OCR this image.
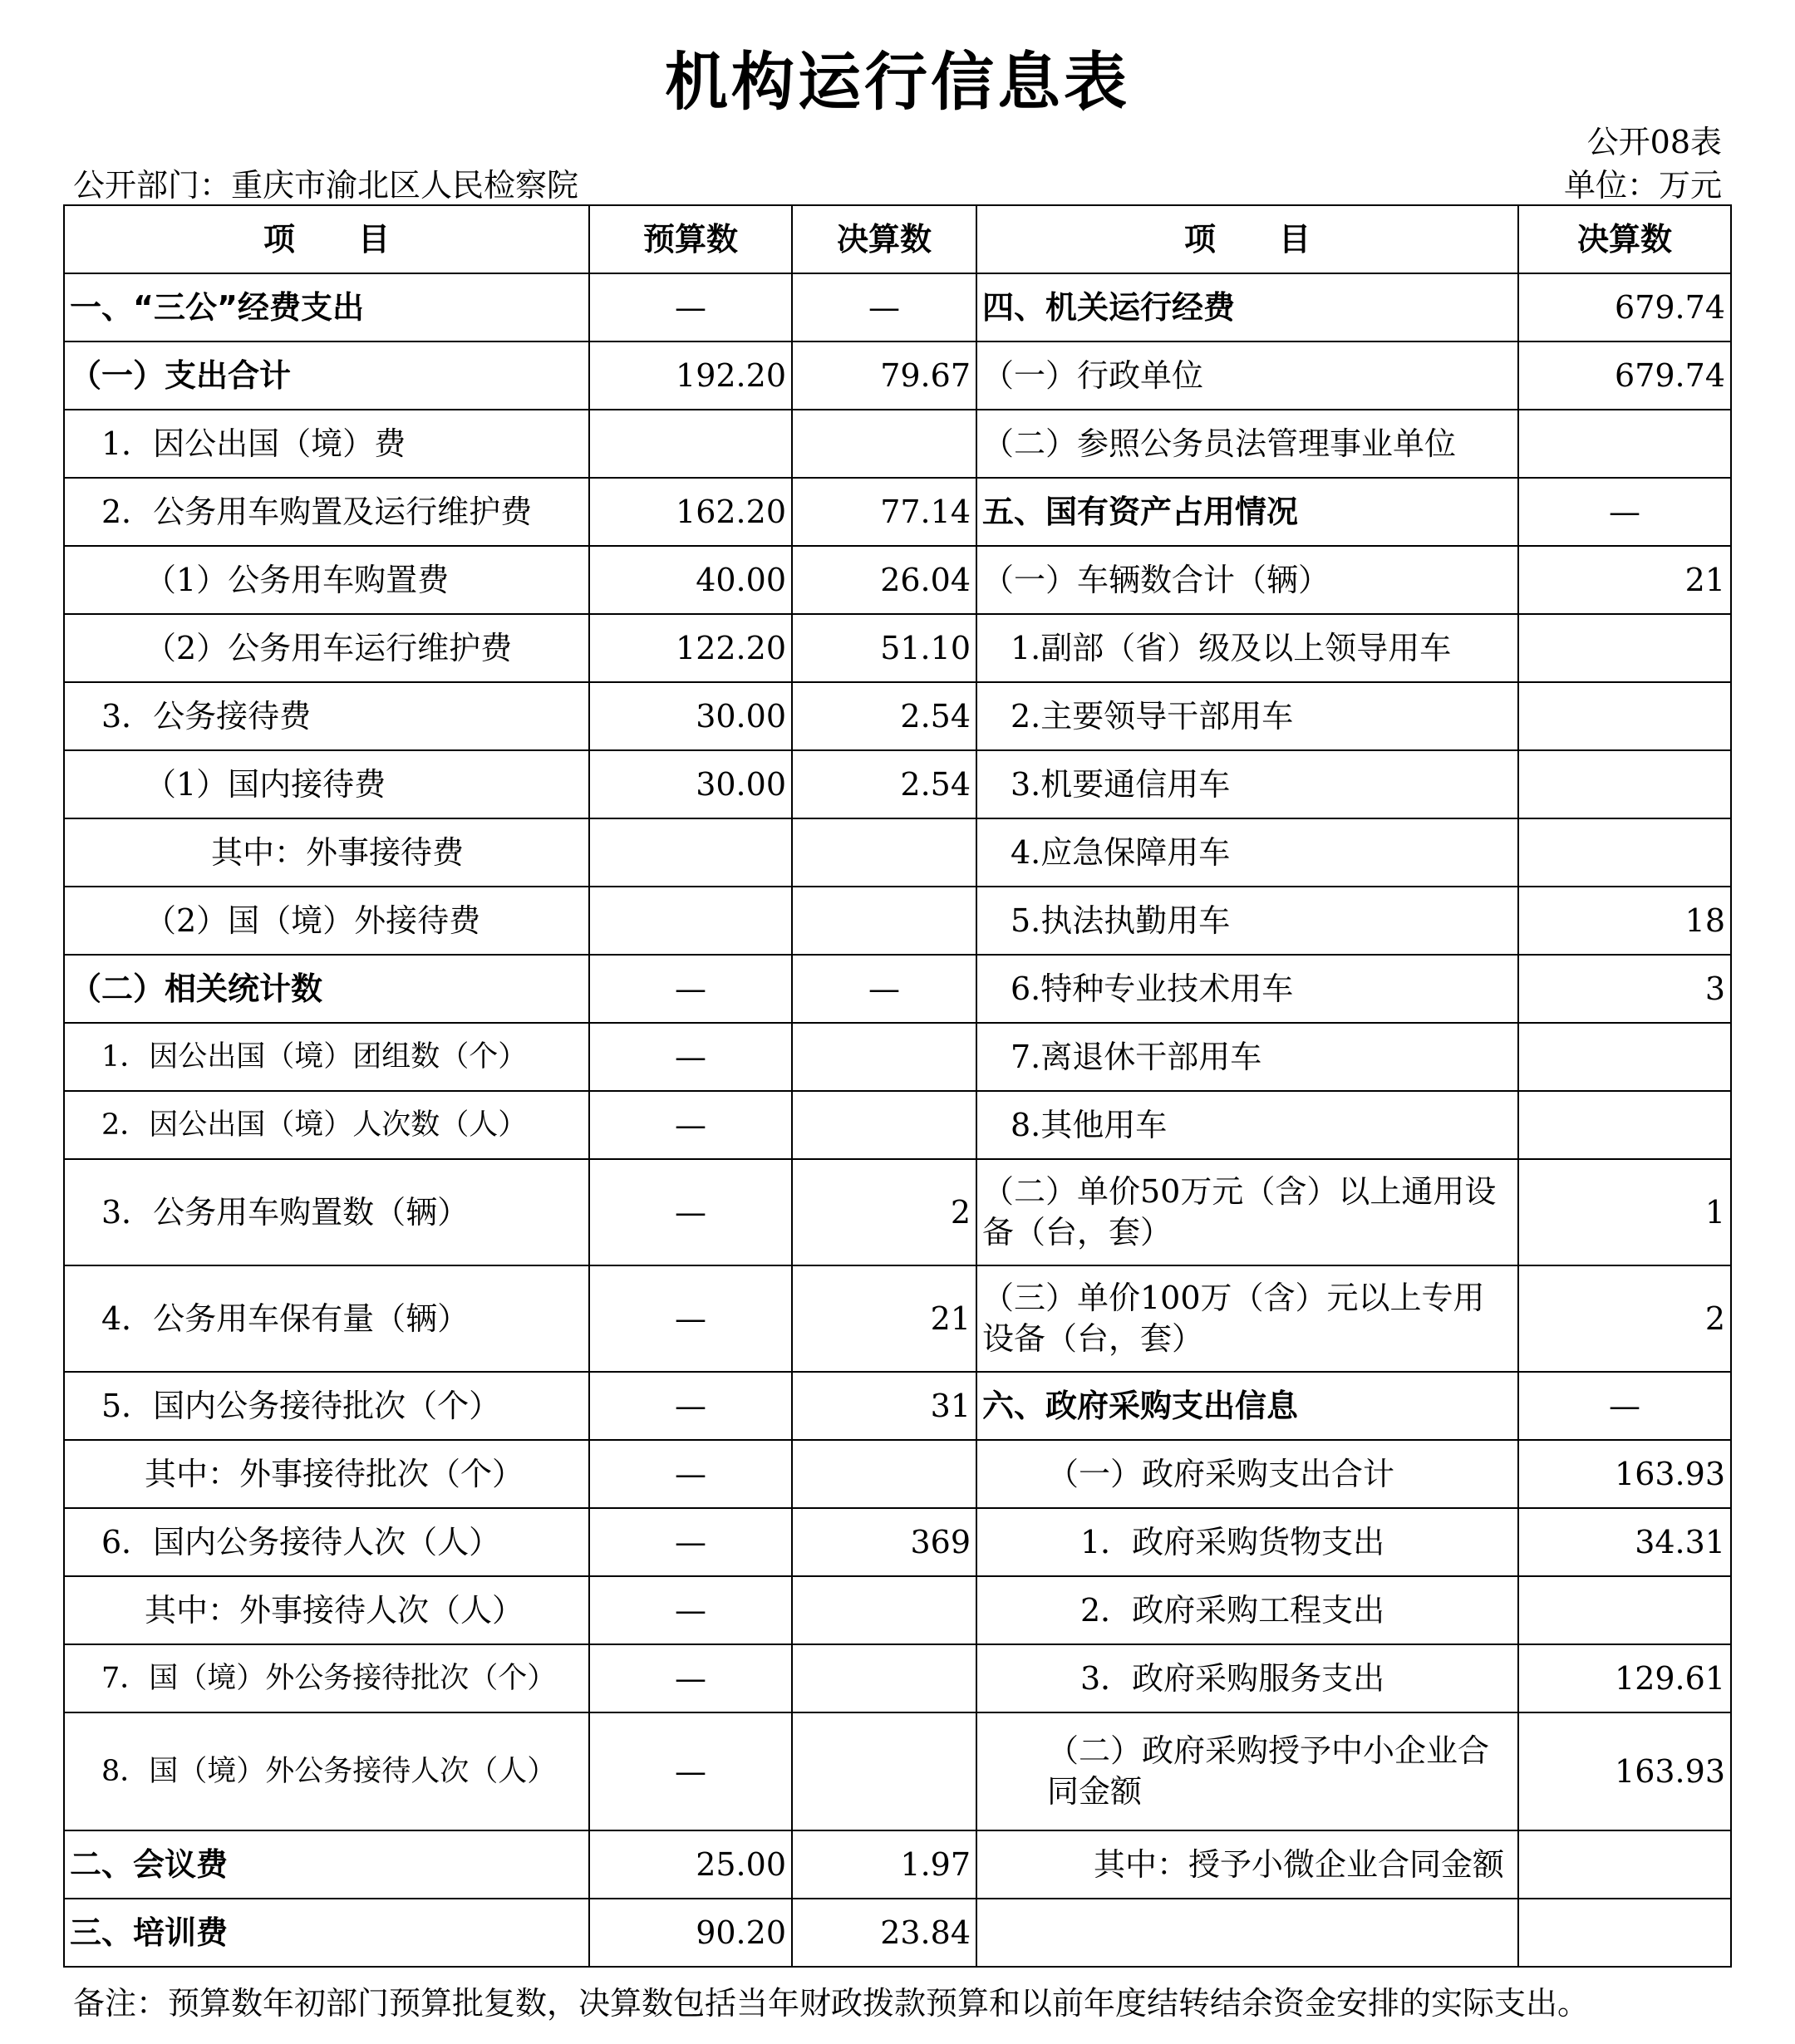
机构运行信息表
公开08表
公开部门：重庆市渝北区人民检察院	单位：万元
项　　目	预算数	决算数	项　　目	决算数
一、“三公”经费支出	—	—	四、机关运行经费	679.74
（一）支出合计	192.20	79.67	（一）行政单位	679.74
1．因公出国（境）费			（二）参照公务员法管理事业单位	
2．公务用车购置及运行维护费	162.20	77.14	五、国有资产占用情况	—
（1）公务用车购置费	40.00	26.04	（一）车辆数合计（辆）	21
（2）公务用车运行维护费	122.20	51.10	1.副部（省）级及以上领导用车	
3．公务接待费	30.00	2.54	2.主要领导干部用车	
（1）国内接待费	30.00	2.54	3.机要通信用车	
其中：外事接待费			4.应急保障用车	
（2）国（境）外接待费			5.执法执勤用车	18
（二）相关统计数	—	—	6.特种专业技术用车	3
1．因公出国（境）团组数（个）	—		7.离退休干部用车	
2．因公出国（境）人次数（人）	—		8.其他用车	
3．公务用车购置数（辆）	—	2	（二）单价50万元（含）以上通用设备（台，套）	1
4．公务用车保有量（辆）	—	21	（三）单价100万（含）元以上专用设备（台，套）	2
5．国内公务接待批次（个）	—	31	六、政府采购支出信息	—
其中：外事接待批次（个）	—		（一）政府采购支出合计	163.93
6．国内公务接待人次（人）	—	369	1．政府采购货物支出	34.31
其中：外事接待人次（人）	—		2．政府采购工程支出	
7．国（境）外公务接待批次（个）	—		3．政府采购服务支出	129.61
8．国（境）外公务接待人次（人）	—		（二）政府采购授予中小企业合同金额	163.93
二、会议费	25.00	1.97	其中：授予小微企业合同金额	
三、培训费	90.20	23.84		
备注：预算数年初部门预算批复数，决算数包括当年财政拨款预算和以前年度结转结余资金安排的实际支出。
